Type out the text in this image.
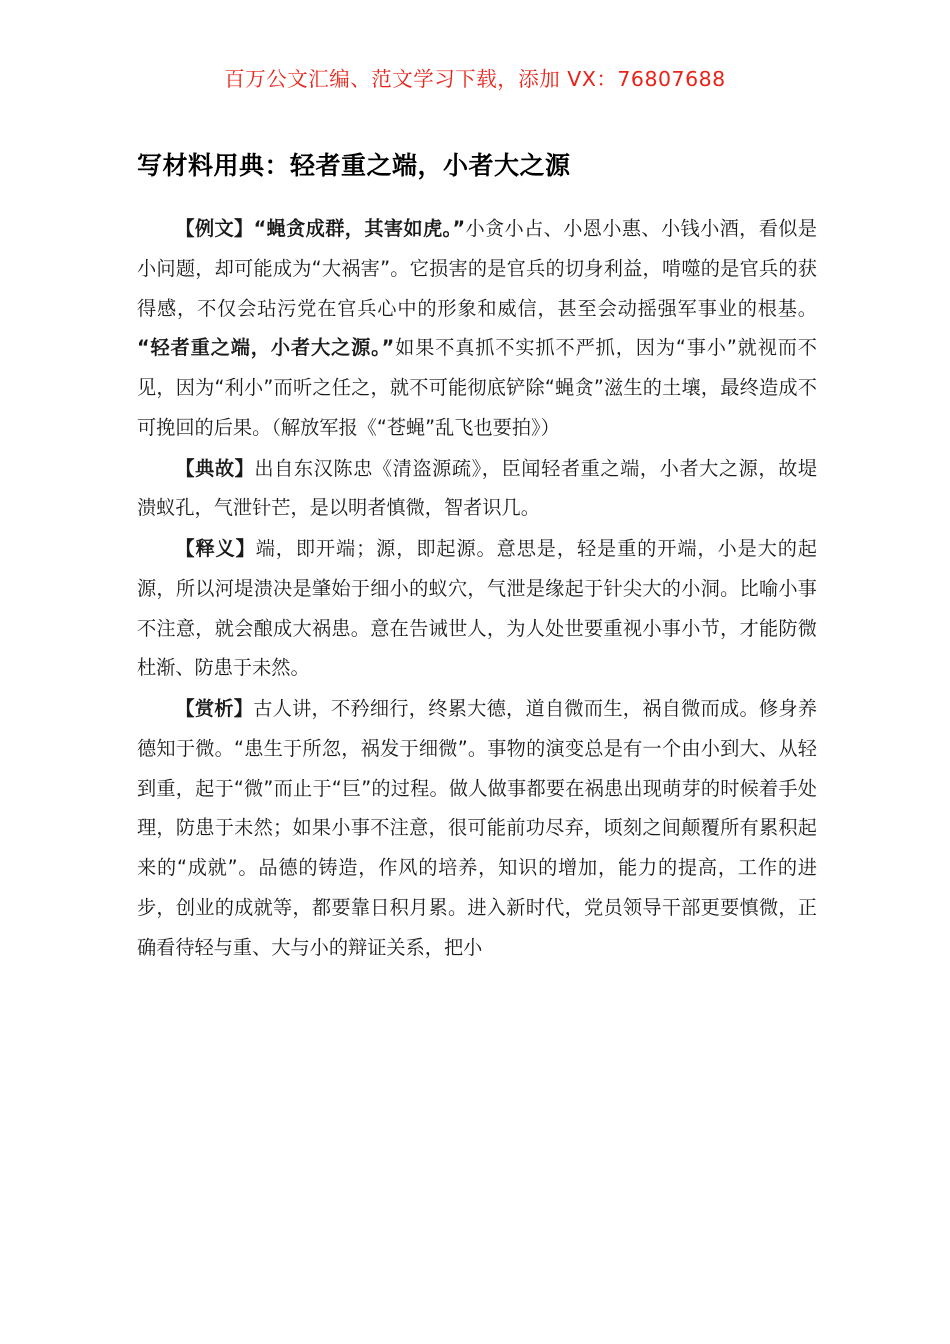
百万公文汇编、范文学习下载，添加 VX：76807688
写材料用典：轻者重之端，小者大之源

【例文】“蝇贪成群，其害如虎。”小贪小占、小恩小惠、小钱小酒，看似是小问题，却可能成为“大祸害”。它损害的是官兵的切身利益，啃噬的是官兵的获得感，不仅会玷污党在官兵心中的形象和威信，甚至会动摇强军事业的根基。“轻者重之端，小者大之源。”如果不真抓不实抓不严抓，因为“事小”就视而不见，因为“利小”而听之任之，就不可能彻底铲除“蝇贪”滋生的土壤，最终造成不可挽回的后果。（解放军报《“苍蝇”乱飞也要拍》）

【典故】出自东汉陈忠《清盗源疏》，臣闻轻者重之端，小者大之源，故堤溃蚁孔，气泄针芒，是以明者慎微，智者识几。

【释义】端，即开端；源，即起源。意思是，轻是重的开端，小是大的起源，所以河堤溃决是肇始于细小的蚁穴，气泄是缘起于针尖大的小洞。比喻小事不注意，就会酿成大祸患。意在告诫世人，为人处世要重视小事小节，才能防微杜渐、防患于未然。

【赏析】古人讲，不矜细行，终累大德，道自微而生，祸自微而成。修身养德知于微。“患生于所忽，祸发于细微”。事物的演变总是有一个由小到大、从轻到重，起于“微”而止于“巨”的过程。做人做事都要在祸患出现萌芽的时候着手处理，防患于未然；如果小事不注意，很可能前功尽弃，顷刻之间颠覆所有累积起来的“成就”。品德的铸造，作风的培养，知识的增加，能力的提高，工作的进步，创业的成就等，都要靠日积月累。进入新时代，党员领导干部更要慎微，正确看待轻与重、大与小的辩证关系，把小
